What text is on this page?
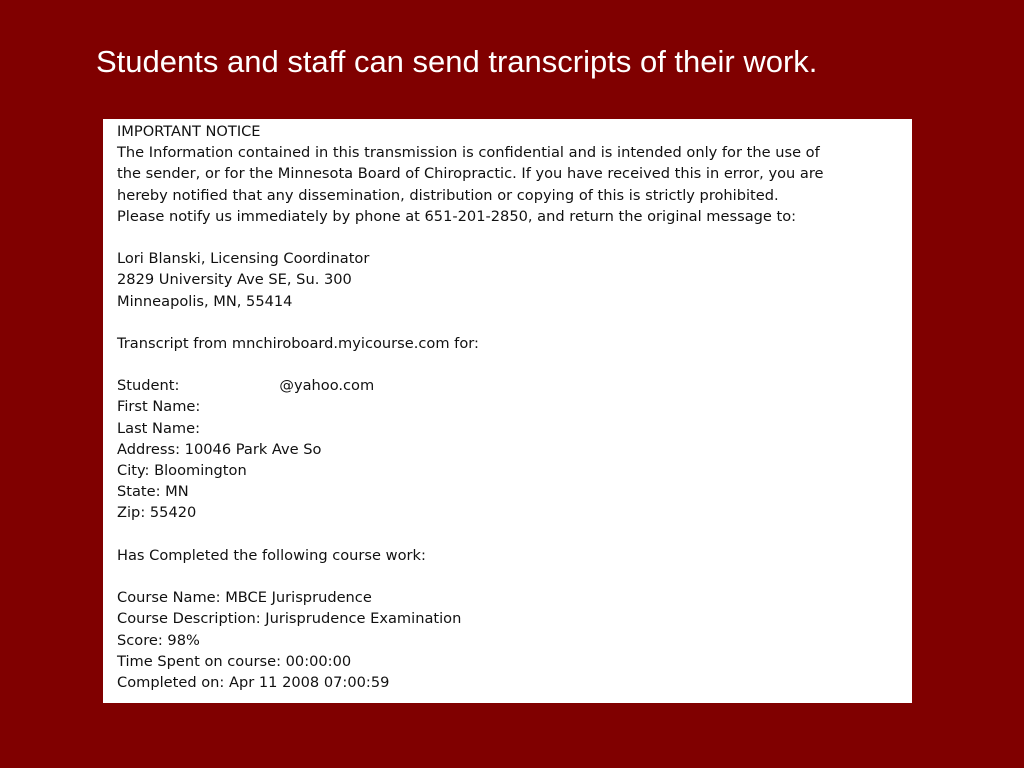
Students and staff can send transcripts of their work.
IMPORTANT NOTICE
The Information contained in this transmission is confidential and is intended only for the use of
the sender, or for the Minnesota Board of Chiropractic. If you have received this in error, you are
hereby notified that any dissemination, distribution or copying of this is strictly prohibited.
Please notify us immediately by phone at 651-201-2850, and return the original message to:
Lori Blanski, Licensing Coordinator
2829 University Ave SE, Su. 300
Minneapolis, MN, 55414
Transcript from mnchiroboard.myicourse.com for:
Student:	@yahoo.com
First Name:
Last Name:
Address: 10046 Park Ave So
City: Bloomington
State: MN
Zip: 55420
Has Completed the following course work:
Course Name: MBCE Jurisprudence
Course Description: Jurisprudence Examination
Score: 98%
Time Spent on course: 00:00:00
Completed on: Apr 11 2008 07:00:59
